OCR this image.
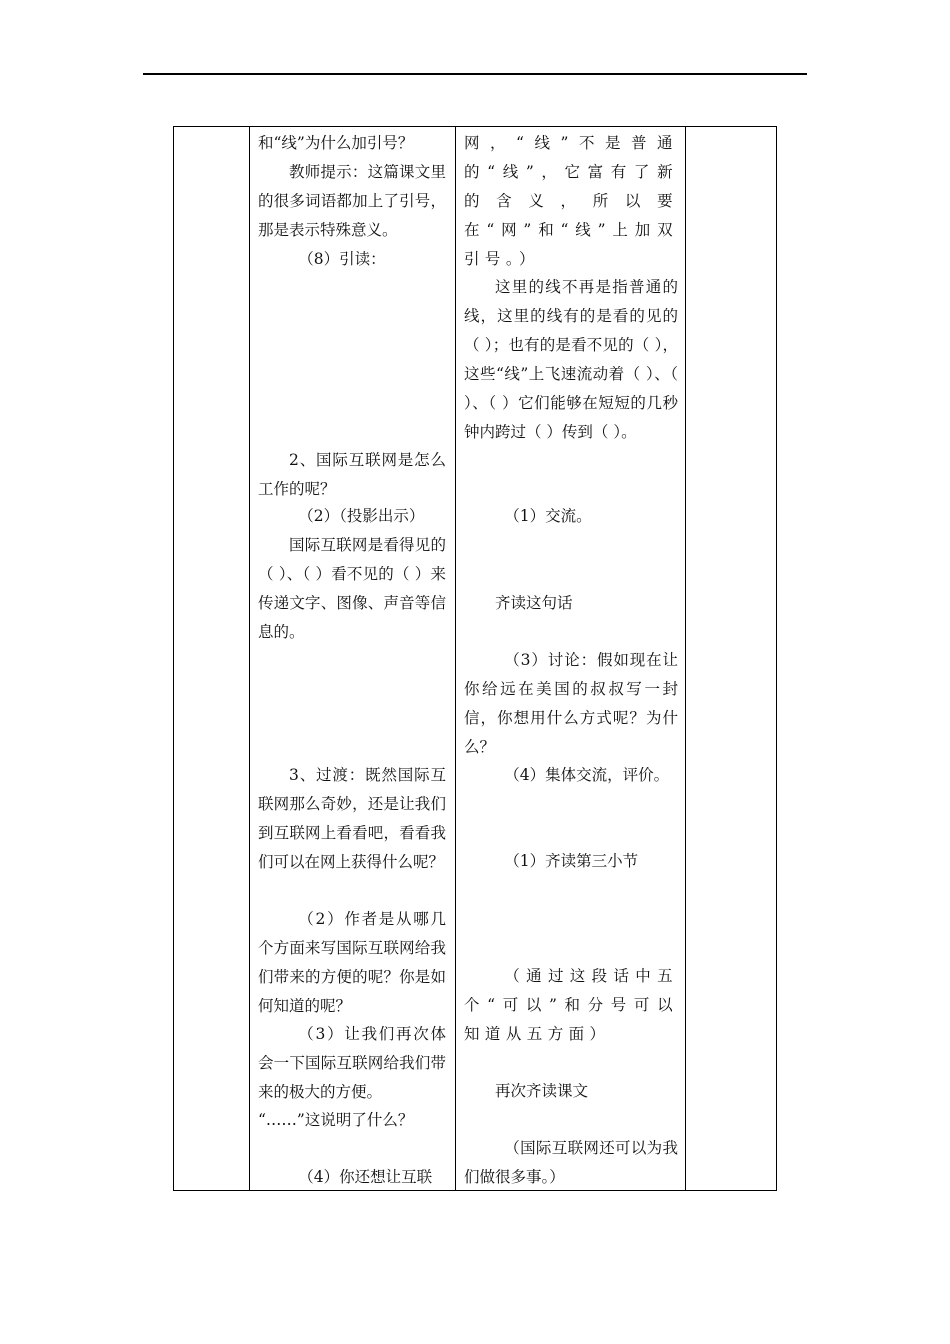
和“线”为什么加引号？
教师提示：这篇课文里的很多词语都加上了引号，那是表示特殊意义。
（8）引读：
2、国际互联网是怎么工作的呢？
（2）（投影出示）
国际互联网是看得见的（ ）、（ ）看不见的（ ）来传递文字、图像、声音等信息的。
3、过渡：既然国际互联网那么奇妙，还是让我们到互联网上看看吧，看看我们可以在网上获得什么呢？
（2）作者是从哪几个方面来写国际互联网给我们带来的方便的呢？你是如何知道的呢？
（3）让我们再次体会一下国际互联网给我们带来的极大的方便。
“……”这说明了什么？
（4）你还想让互联
网，“线”不是普通的“线”，它富有了新的含义，所以要在“网”和“线”上加双引号。）
这里的线不再是指普通的线，这里的线有的是看的见的（ ）；也有的是看不见的（ ），这些“线”上飞速流动着（ ）、（ ）、（ ）它们能够在短短的几秒钟内跨过（ ）传到（ ）。
（1）交流。
齐读这句话
（3）讨论：假如现在让你给远在美国的叔叔写一封信，你想用什么方式呢？为什么？
（4）集体交流，评价。
（1）齐读第三小节
（通过这段话中五个“可以”和分号可以知道从五方面）
再次齐读课文
（国际互联网还可以为我们做很多事。）
